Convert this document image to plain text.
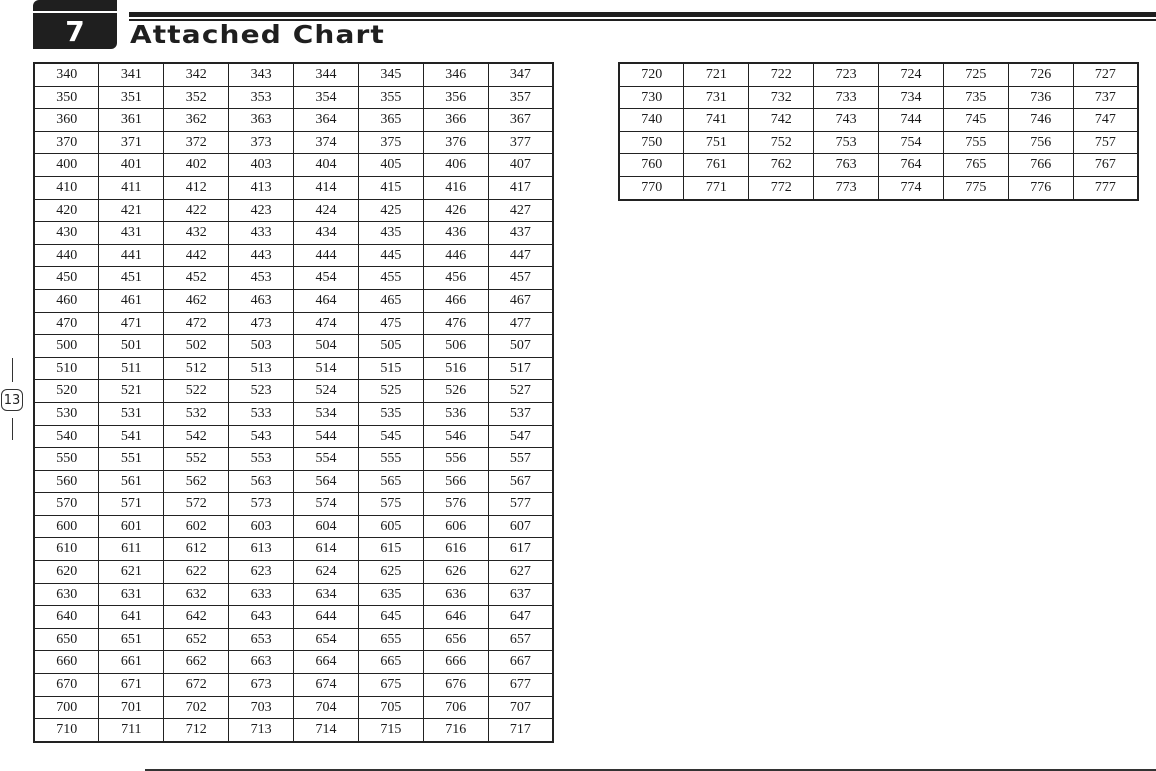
7	Attached Chart
340	341	342	343	344	345	346	347
350	351	352	353	354	355	356	357
360	361	362	363	364	365	366	367
370	371	372	373	374	375	376	377
400	401	402	403	404	405	406	407
410	411	412	413	414	415	416	417
420	421	422	423	424	425	426	427
430	431	432	433	434	435	436	437
440	441	442	443	444	445	446	447
450	451	452	453	454	455	456	457
460	461	462	463	464	465	466	467
470	471	472	473	474	475	476	477
500	501	502	503	504	505	506	507
510	511	512	513	514	515	516	517
520	521	522	523	524	525	526	527
530	531	532	533	534	535	536	537
540	541	542	543	544	545	546	547
550	551	552	553	554	555	556	557
560	561	562	563	564	565	566	567
570	571	572	573	574	575	576	577
600	601	602	603	604	605	606	607
610	611	612	613	614	615	616	617
620	621	622	623	624	625	626	627
630	631	632	633	634	635	636	637
640	641	642	643	644	645	646	647
650	651	652	653	654	655	656	657
660	661	662	663	664	665	666	667
670	671	672	673	674	675	676	677
700	701	702	703	704	705	706	707
710	711	712	713	714	715	716	717
720	721	722	723	724	725	726	727
730	731	732	733	734	735	736	737
740	741	742	743	744	745	746	747
750	751	752	753	754	755	756	757
760	761	762	763	764	765	766	767
770	771	772	773	774	775	776	777
13
